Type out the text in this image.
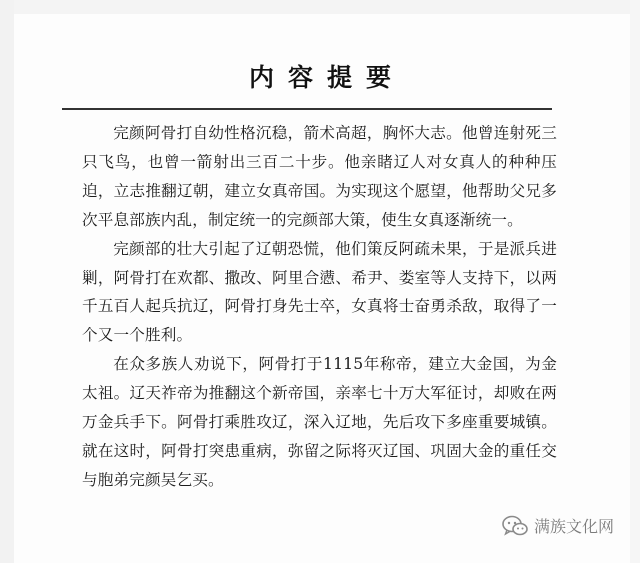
内容提要

完颜阿骨打自幼性格沉稳，箭术高超，胸怀大志。他曾连射死三只飞鸟，也曾一箭射出三百二十步。他亲睹辽人对女真人的种种压迫，立志推翻辽朝，建立女真帝国。为实现这个愿望，他帮助父兄多次平息部族内乱，制定统一的完颜部大策，使生女真逐渐统一。

完颜部的壮大引起了辽朝恐慌，他们策反阿疏未果，于是派兵进剿，阿骨打在欢都、撒改、阿里合懑、希尹、娄室等人支持下，以两千五百人起兵抗辽，阿骨打身先士卒，女真将士奋勇杀敌，取得了一个又一个胜利。

在众多族人劝说下，阿骨打于1115年称帝，建立大金国，为金太祖。辽天祚帝为推翻这个新帝国，亲率七十万大军征讨，却败在两万金兵手下。阿骨打乘胜攻辽，深入辽地，先后攻下多座重要城镇。就在这时，阿骨打突患重病，弥留之际将灭辽国、巩固大金的重任交与胞弟完颜吴乞买。

满族文化网
